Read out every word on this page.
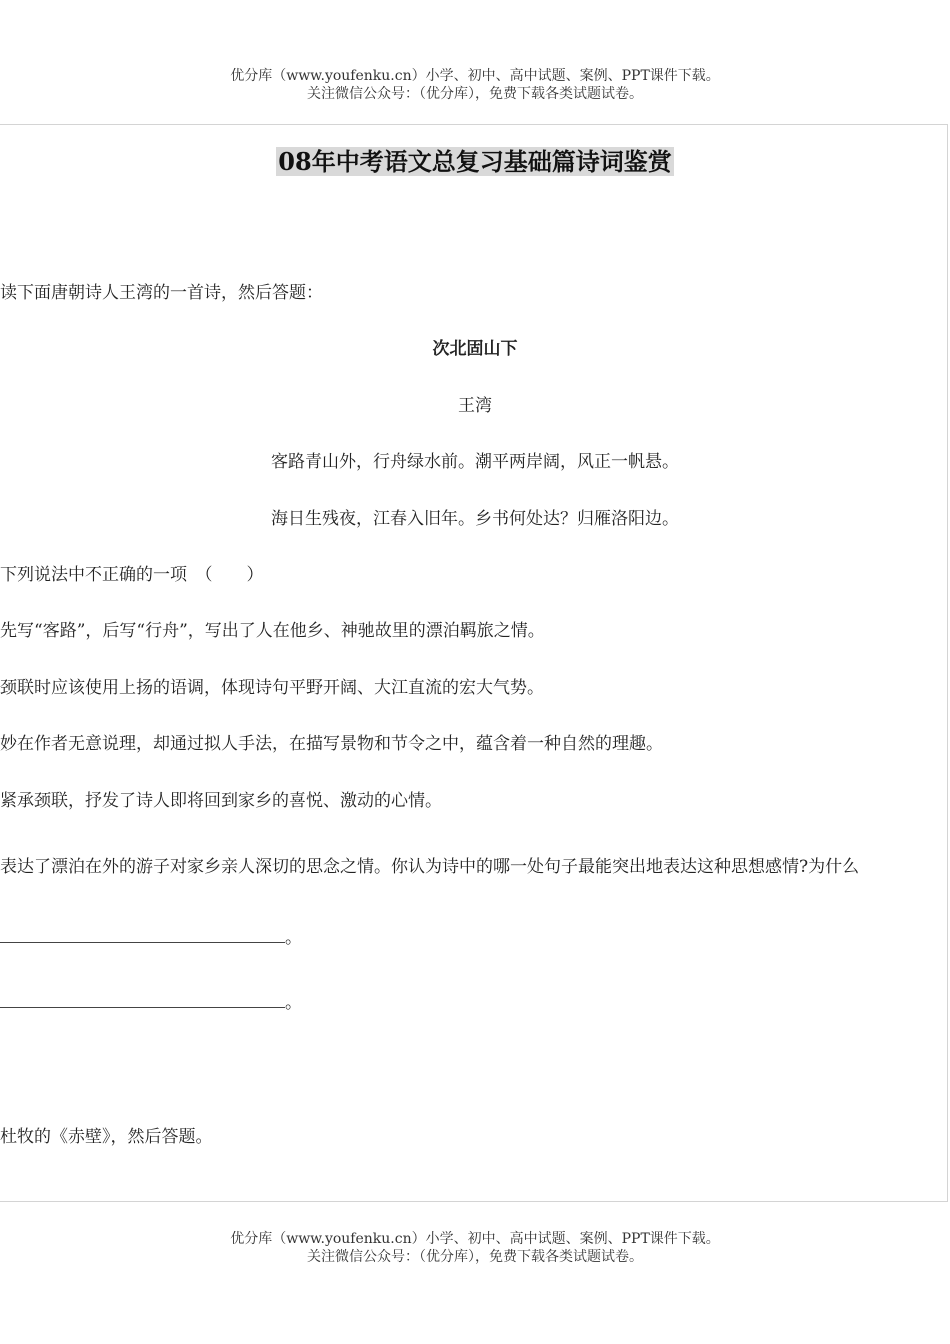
优分库（www.youfenku.cn）小学、初中、高中试题、案例、PPT课件下载。
关注微信公众号：（优分库），免费下载各类试题试卷。
08年中考语文总复习基础篇诗词鉴赏
读下面唐朝诗人王湾的一首诗，然后答题：
次北固山下
王湾
客路青山外，行舟绿水前。潮平两岸阔，风正一帆悬。
海日生残夜，江春入旧年。乡书何处达？归雁洛阳边。
下列说法中不正确的一项　（　　）
先写“客路”，后写“行舟”，写出了人在他乡、神驰故里的漂泊羁旅之情。
颈联时应该使用上扬的语调，体现诗句平野开阔、大江直流的宏大气势。
妙在作者无意说理，却通过拟人手法，在描写景物和节令之中，蕴含着一种自然的理趣。
紧承颈联，抒发了诗人即将回到家乡的喜悦、激动的心情。
表达了漂泊在外的游子对家乡亲人深切的思念之情。你认为诗中的哪一处句子最能突出地表达这种思想感情?为什么
。
。
杜牧的《赤壁》，然后答题。
优分库（www.youfenku.cn）小学、初中、高中试题、案例、PPT课件下载。
关注微信公众号：（优分库），免费下载各类试题试卷。
